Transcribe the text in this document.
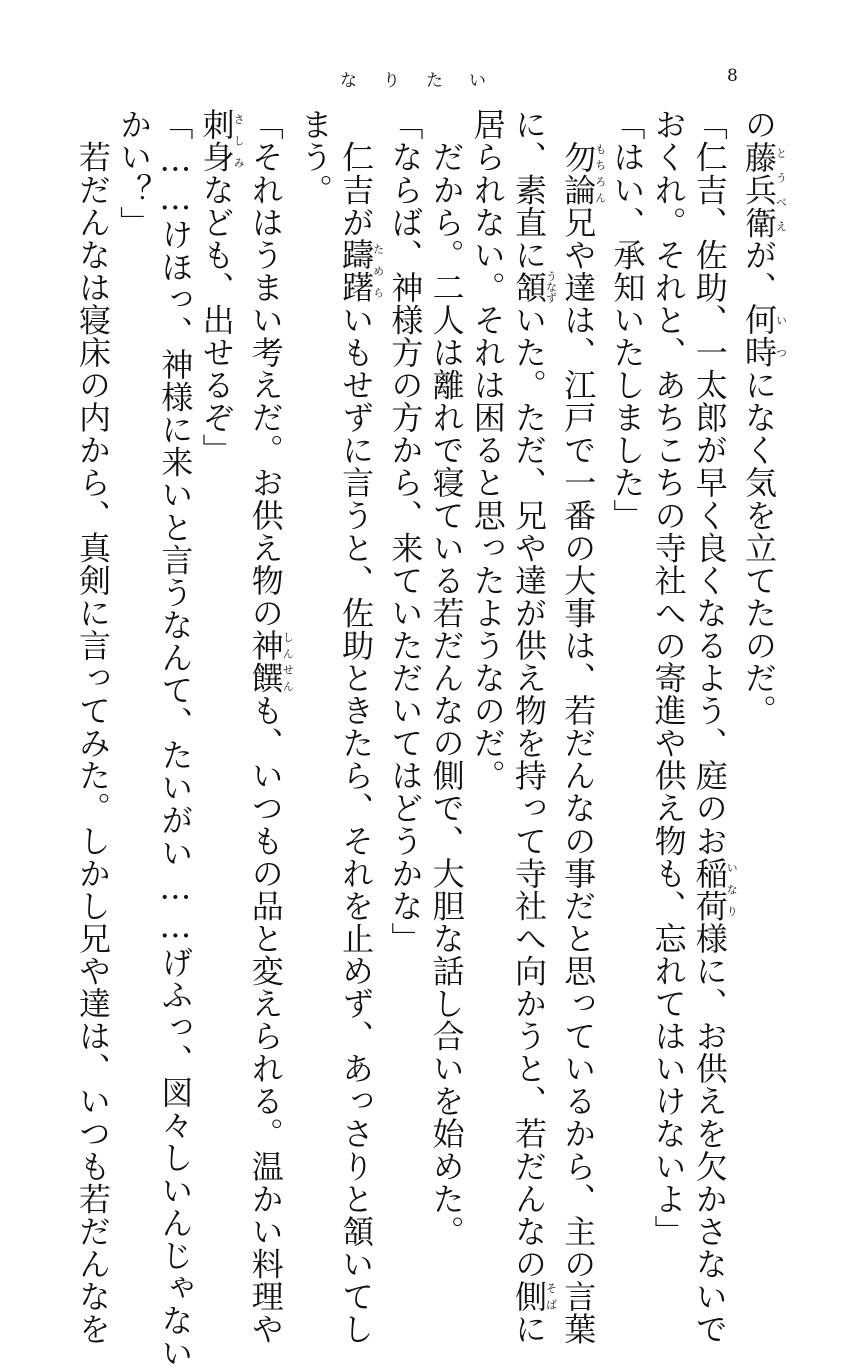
なりたい	8
の藤兵衛とうべえが、何時いつになく気を立てたのだ。
「仁吉、佐助、一太郎が早く良くなるよう、庭のお稲荷いなり様に、お供えを欠かさないで
おくれ。それと、あちこちの寺社への寄進や供え物も、忘れてはいけないよ」
「はい、承知いたしました」
　勿論もちろん兄や達は、江戸で一番の大事は、若だんなの事だと思っているから、主の言葉
に、素直に頷うなずいた。ただ、兄や達が供え物を持って寺社へ向かうと、若だんなの側そばに
居られない。それは困ると思ったようなのだ。
　だから。二人は離れで寝ている若だんなの側で、大胆な話し合いを始めた。
「ならば、神様方の方から、来ていただいてはどうかな」
　仁吉が躊躇ためらいもせずに言うと、佐助ときたら、それを止めず、あっさりと頷いてし
まう。
「それはうまい考えだ。お供え物の神饌しんせんも、いつもの品と変えられる。温かい料理や
刺身さしみなども、出せるぞ」
「……けほっ、神様に来いと言うなんて、たいがい……げふっ、図々しいんじゃない
かい？」
　若だんなは寝床の内から、真剣に言ってみた。しかし兄や達は、いつも若だんなを
